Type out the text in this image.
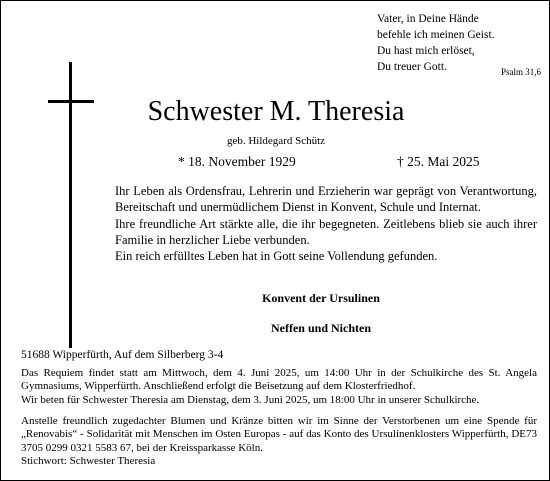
Vater, in Deine Hände
befehle ich meinen Geist.
Du hast mich erlöset,
Du treuer Gott.	Psalm 31,6
Schwester M. Theresia
geb. Hildegard Schütz
* 18. November 1929	† 25. Mai 2025

Ihr Leben als Ordensfrau, Lehrerin und Erzieherin war geprägt von Verantwortung, Bereitschaft und unermüdlichem Dienst in Konvent, Schule und Internat.

Ihre freundliche Art stärkte alle, die ihr begegneten. Zeitlebens blieb sie auch ihrer Familie in herzlicher Liebe verbunden.

Ein reich erfülltes Leben hat in Gott seine Vollendung gefunden.

Konvent der Ursulinen
Neffen und Nichten
51688 Wipperfürth, Auf dem Silberberg 3-4

Das Requiem findet statt am Mittwoch, dem 4. Juni 2025, um 14:00 Uhr in der Schulkirche des St. Angela Gymnasiums, Wipperfürth. Anschließend erfolgt die Beisetzung auf dem Klosterfriedhof.

Wir beten für Schwester Theresia am Dienstag, dem 3. Juni 2025, um 18:00 Uhr in unserer Schulkirche.

Anstelle freundlich zugedachter Blumen und Kränze bitten wir im Sinne der Verstorbenen um eine Spende für „Renovabis“ - Solidarität mit Menschen im Osten Europas - auf das Konto des Ursulinenklosters Wipperfürth, DE73 3705 0299 0321 5583 67, bei der Kreissparkasse Köln.

Stichwort: Schwester Theresia
